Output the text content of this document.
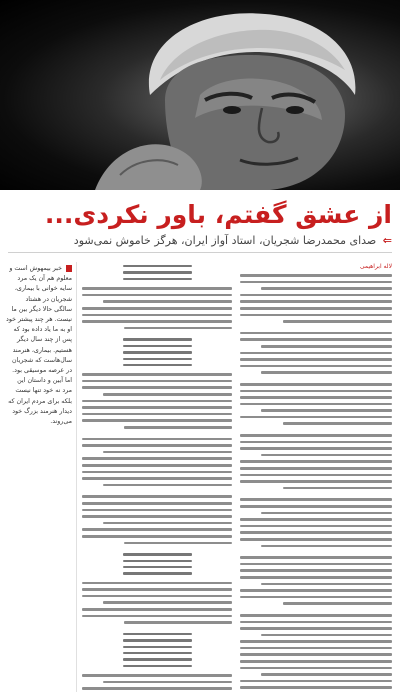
از عشق گفتم، باور نکردی...
⇐ صدای محمدرضا شجریان، استاد آواز ایران، هرگز خاموش نمی‌شود
خبر بیمهوش است و معلوم هم آن یک مرد سایه خوانی با بیماری، شجریان در هشتاد سالگی حالا دیگر بین ما نیست. هر چند پیشتر خود او به ما یاد داده بود که پس از چند سال دیگر هستیم. بیماری، هنرمند سال‌هاست که شجریان در عرصه موسیقی بود. اما آیین و داستان این مرد نه خود تنها نیست بلکه برای مردم ایران که دیدار هنرمند بزرگ خود می‌روند.
لاله ابراهیمی
